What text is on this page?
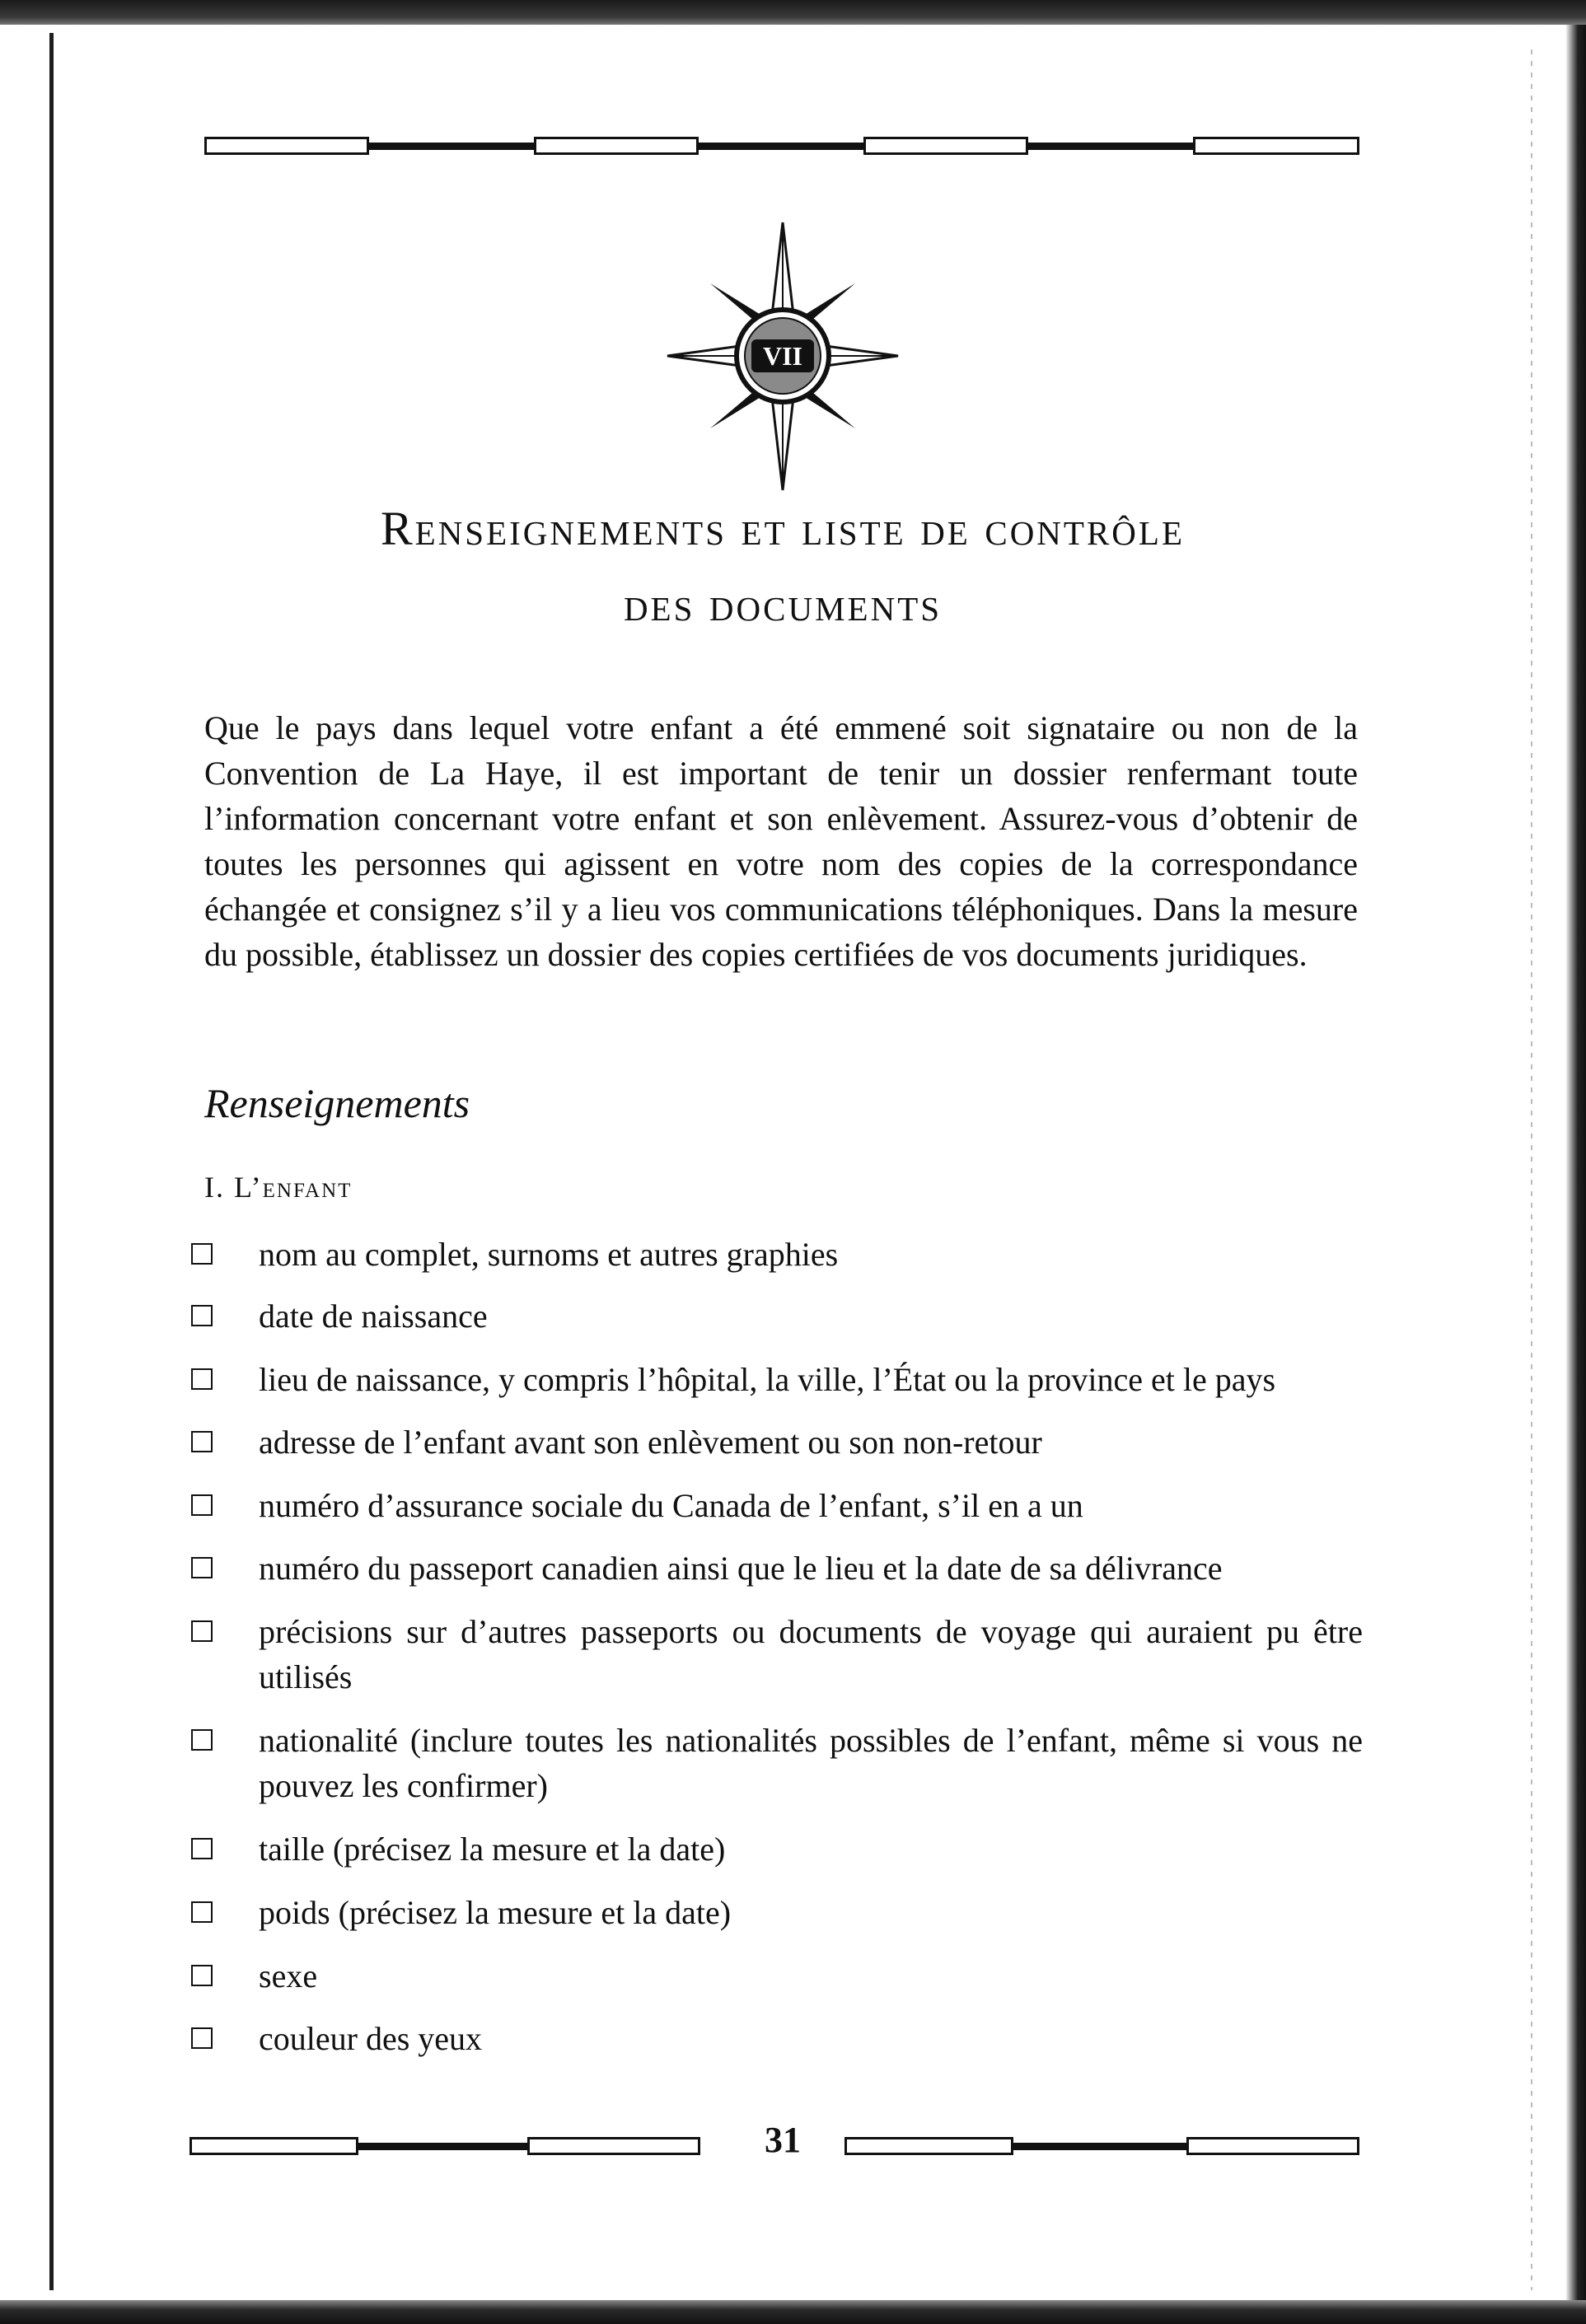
VII
Renseignements et liste de contrôle
des documents
Que le pays dans lequel votre enfant a été emmené soit signataire ou non de la Convention de La Haye, il est important de tenir un dossier renfermant toute l’information concernant votre enfant et son enlèvement. Assurez-vous d’obtenir de toutes les personnes qui agissent en votre nom des copies de la correspondance échangée et consignez s’il y a lieu vos communications téléphoniques. Dans la mesure du possible, établissez un dossier des copies certifiées de vos documents juridiques.
Renseignements
I. L’enfant
nom au complet, surnoms et autres graphies
date de naissance
lieu de naissance, y compris l’hôpital, la ville, l’État ou la province et le pays
adresse de l’enfant avant son enlèvement ou son non-retour
numéro d’assurance sociale du Canada de l’enfant, s’il en a un
numéro du passeport canadien ainsi que le lieu et la date de sa délivrance
précisions sur d’autres passeports ou documents de voyage qui auraient pu être utilisés
nationalité (inclure toutes les nationalités possibles de l’enfant, même si vous ne pouvez les confirmer)
taille (précisez la mesure et la date)
poids (précisez la mesure et la date)
sexe
couleur des yeux
31
